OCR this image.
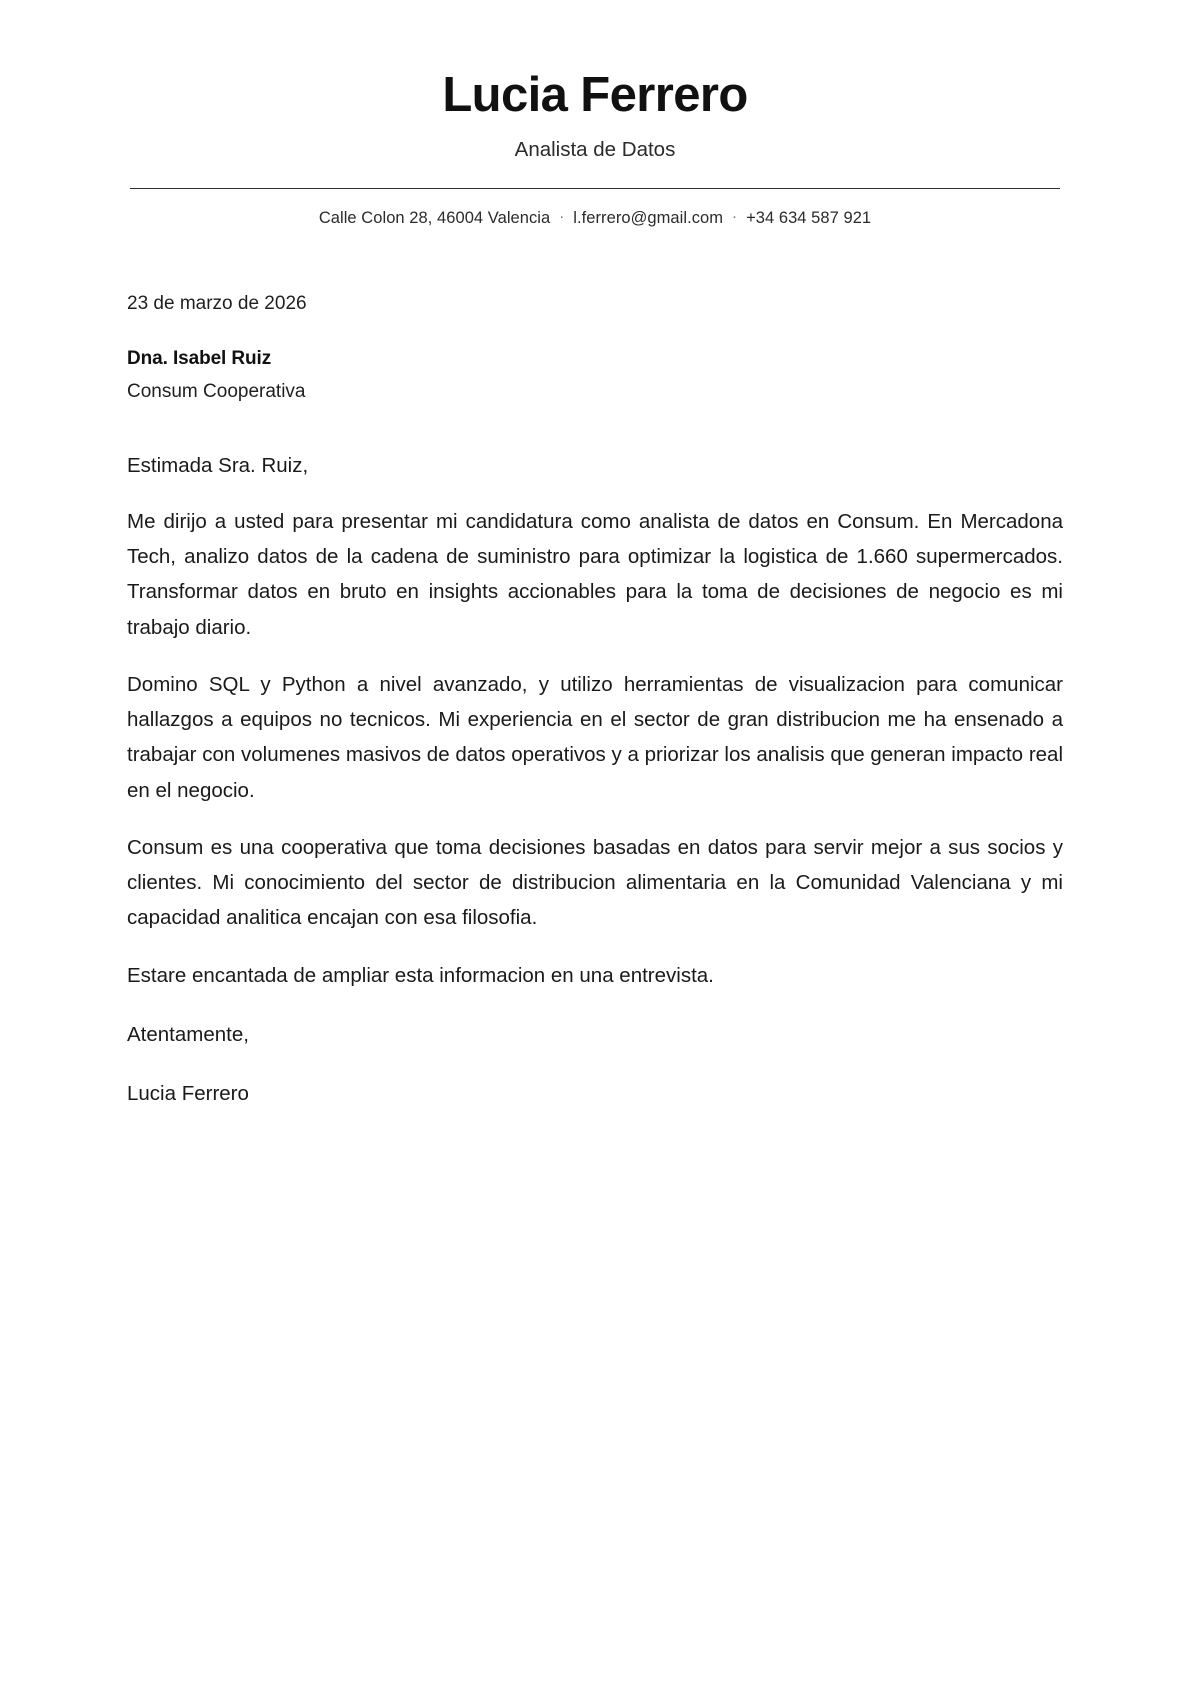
Lucia Ferrero
Analista de Datos
Calle Colon 28, 46004 Valencia · l.ferrero@gmail.com · +34 634 587 921

23 de marzo de 2026

Dna. Isabel Ruiz
Consum Cooperativa

Estimada Sra. Ruiz,

Me dirijo a usted para presentar mi candidatura como analista de datos en Consum. En Mercadona Tech, analizo datos de la cadena de suministro para optimizar la logistica de 1.660 supermercados. Transformar datos en bruto en insights accionables para la toma de decisiones de negocio es mi trabajo diario.

Domino SQL y Python a nivel avanzado, y utilizo herramientas de visualizacion para comunicar hallazgos a equipos no tecnicos. Mi experiencia en el sector de gran distribucion me ha ensenado a trabajar con volumenes masivos de datos operativos y a priorizar los analisis que generan impacto real en el negocio.

Consum es una cooperativa que toma decisiones basadas en datos para servir mejor a sus socios y clientes. Mi conocimiento del sector de distribucion alimentaria en la Comunidad Valenciana y mi capacidad analitica encajan con esa filosofia.

Estare encantada de ampliar esta informacion en una entrevista.

Atentamente,

Lucia Ferrero
